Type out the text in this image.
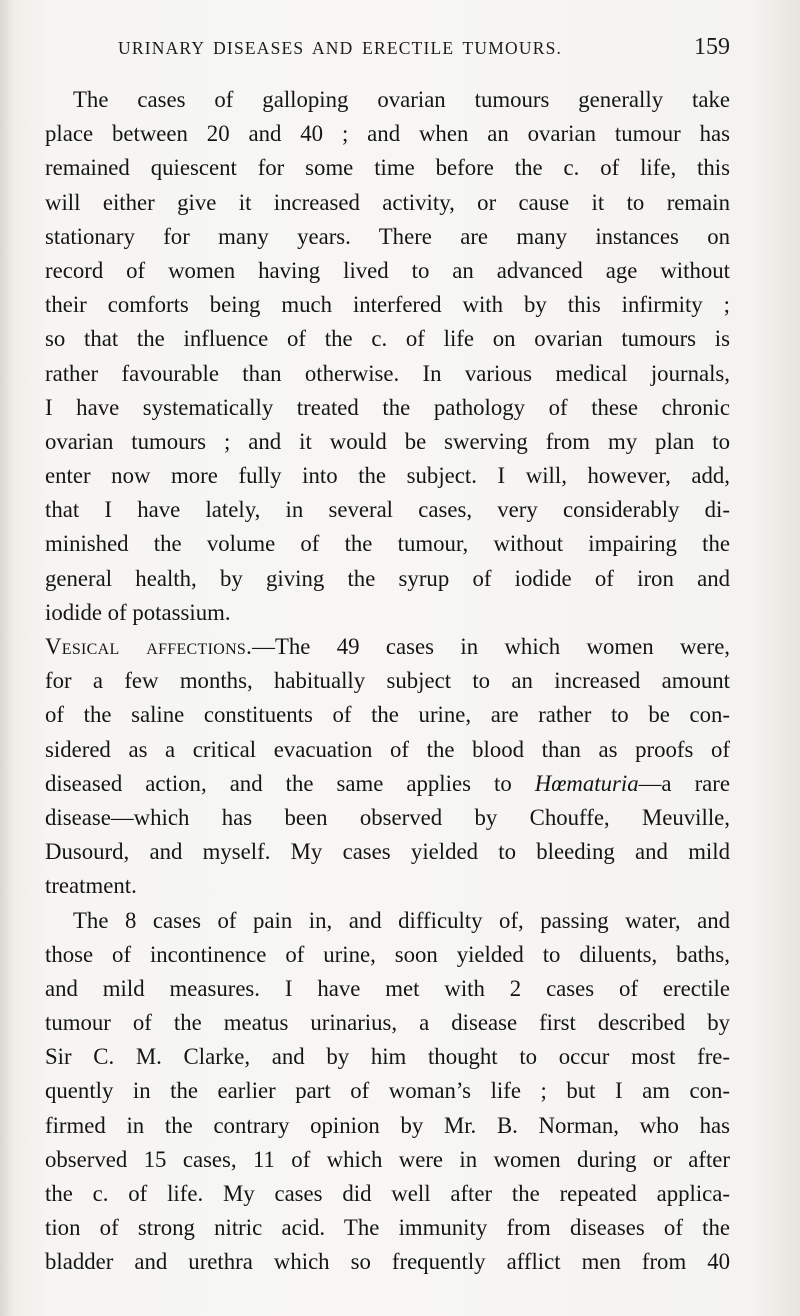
URINARY DISEASES AND ERECTILE TUMOURS.	159
The cases of galloping ovarian tumours generally take
place between 20 and 40 ; and when an ovarian tumour has
remained quiescent for some time before the c. of life, this
will either give it increased activity, or cause it to remain
stationary for many years. There are many instances on
record of women having lived to an advanced age without
their comforts being much interfered with by this infirmity ;
so that the influence of the c. of life on ovarian tumours is
rather favourable than otherwise. In various medical journals,
I have systematically treated the pathology of these chronic
ovarian tumours ; and it would be swerving from my plan to
enter now more fully into the subject. I will, however, add,
that I have lately, in several cases, very considerably di-
minished the volume of the tumour, without impairing the
general health, by giving the syrup of iodide of iron and
iodide of potassium.
Vesical affections.—The 49 cases in which women were,
for a few months, habitually subject to an increased amount
of the saline constituents of the urine, are rather to be con-
sidered as a critical evacuation of the blood than as proofs of
diseased action, and the same applies to Hœmaturia—a rare
disease—which has been observed by Chouffe, Meuville,
Dusourd, and myself. My cases yielded to bleeding and mild
treatment.
The 8 cases of pain in, and difficulty of, passing water, and
those of incontinence of urine, soon yielded to diluents, baths,
and mild measures. I have met with 2 cases of erectile
tumour of the meatus urinarius, a disease first described by
Sir C. M. Clarke, and by him thought to occur most fre-
quently in the earlier part of woman’s life ; but I am con-
firmed in the contrary opinion by Mr. B. Norman, who has
observed 15 cases, 11 of which were in women during or after
the c. of life. My cases did well after the repeated applica-
tion of strong nitric acid. The immunity from diseases of the
bladder and urethra which so frequently afflict men from 40
